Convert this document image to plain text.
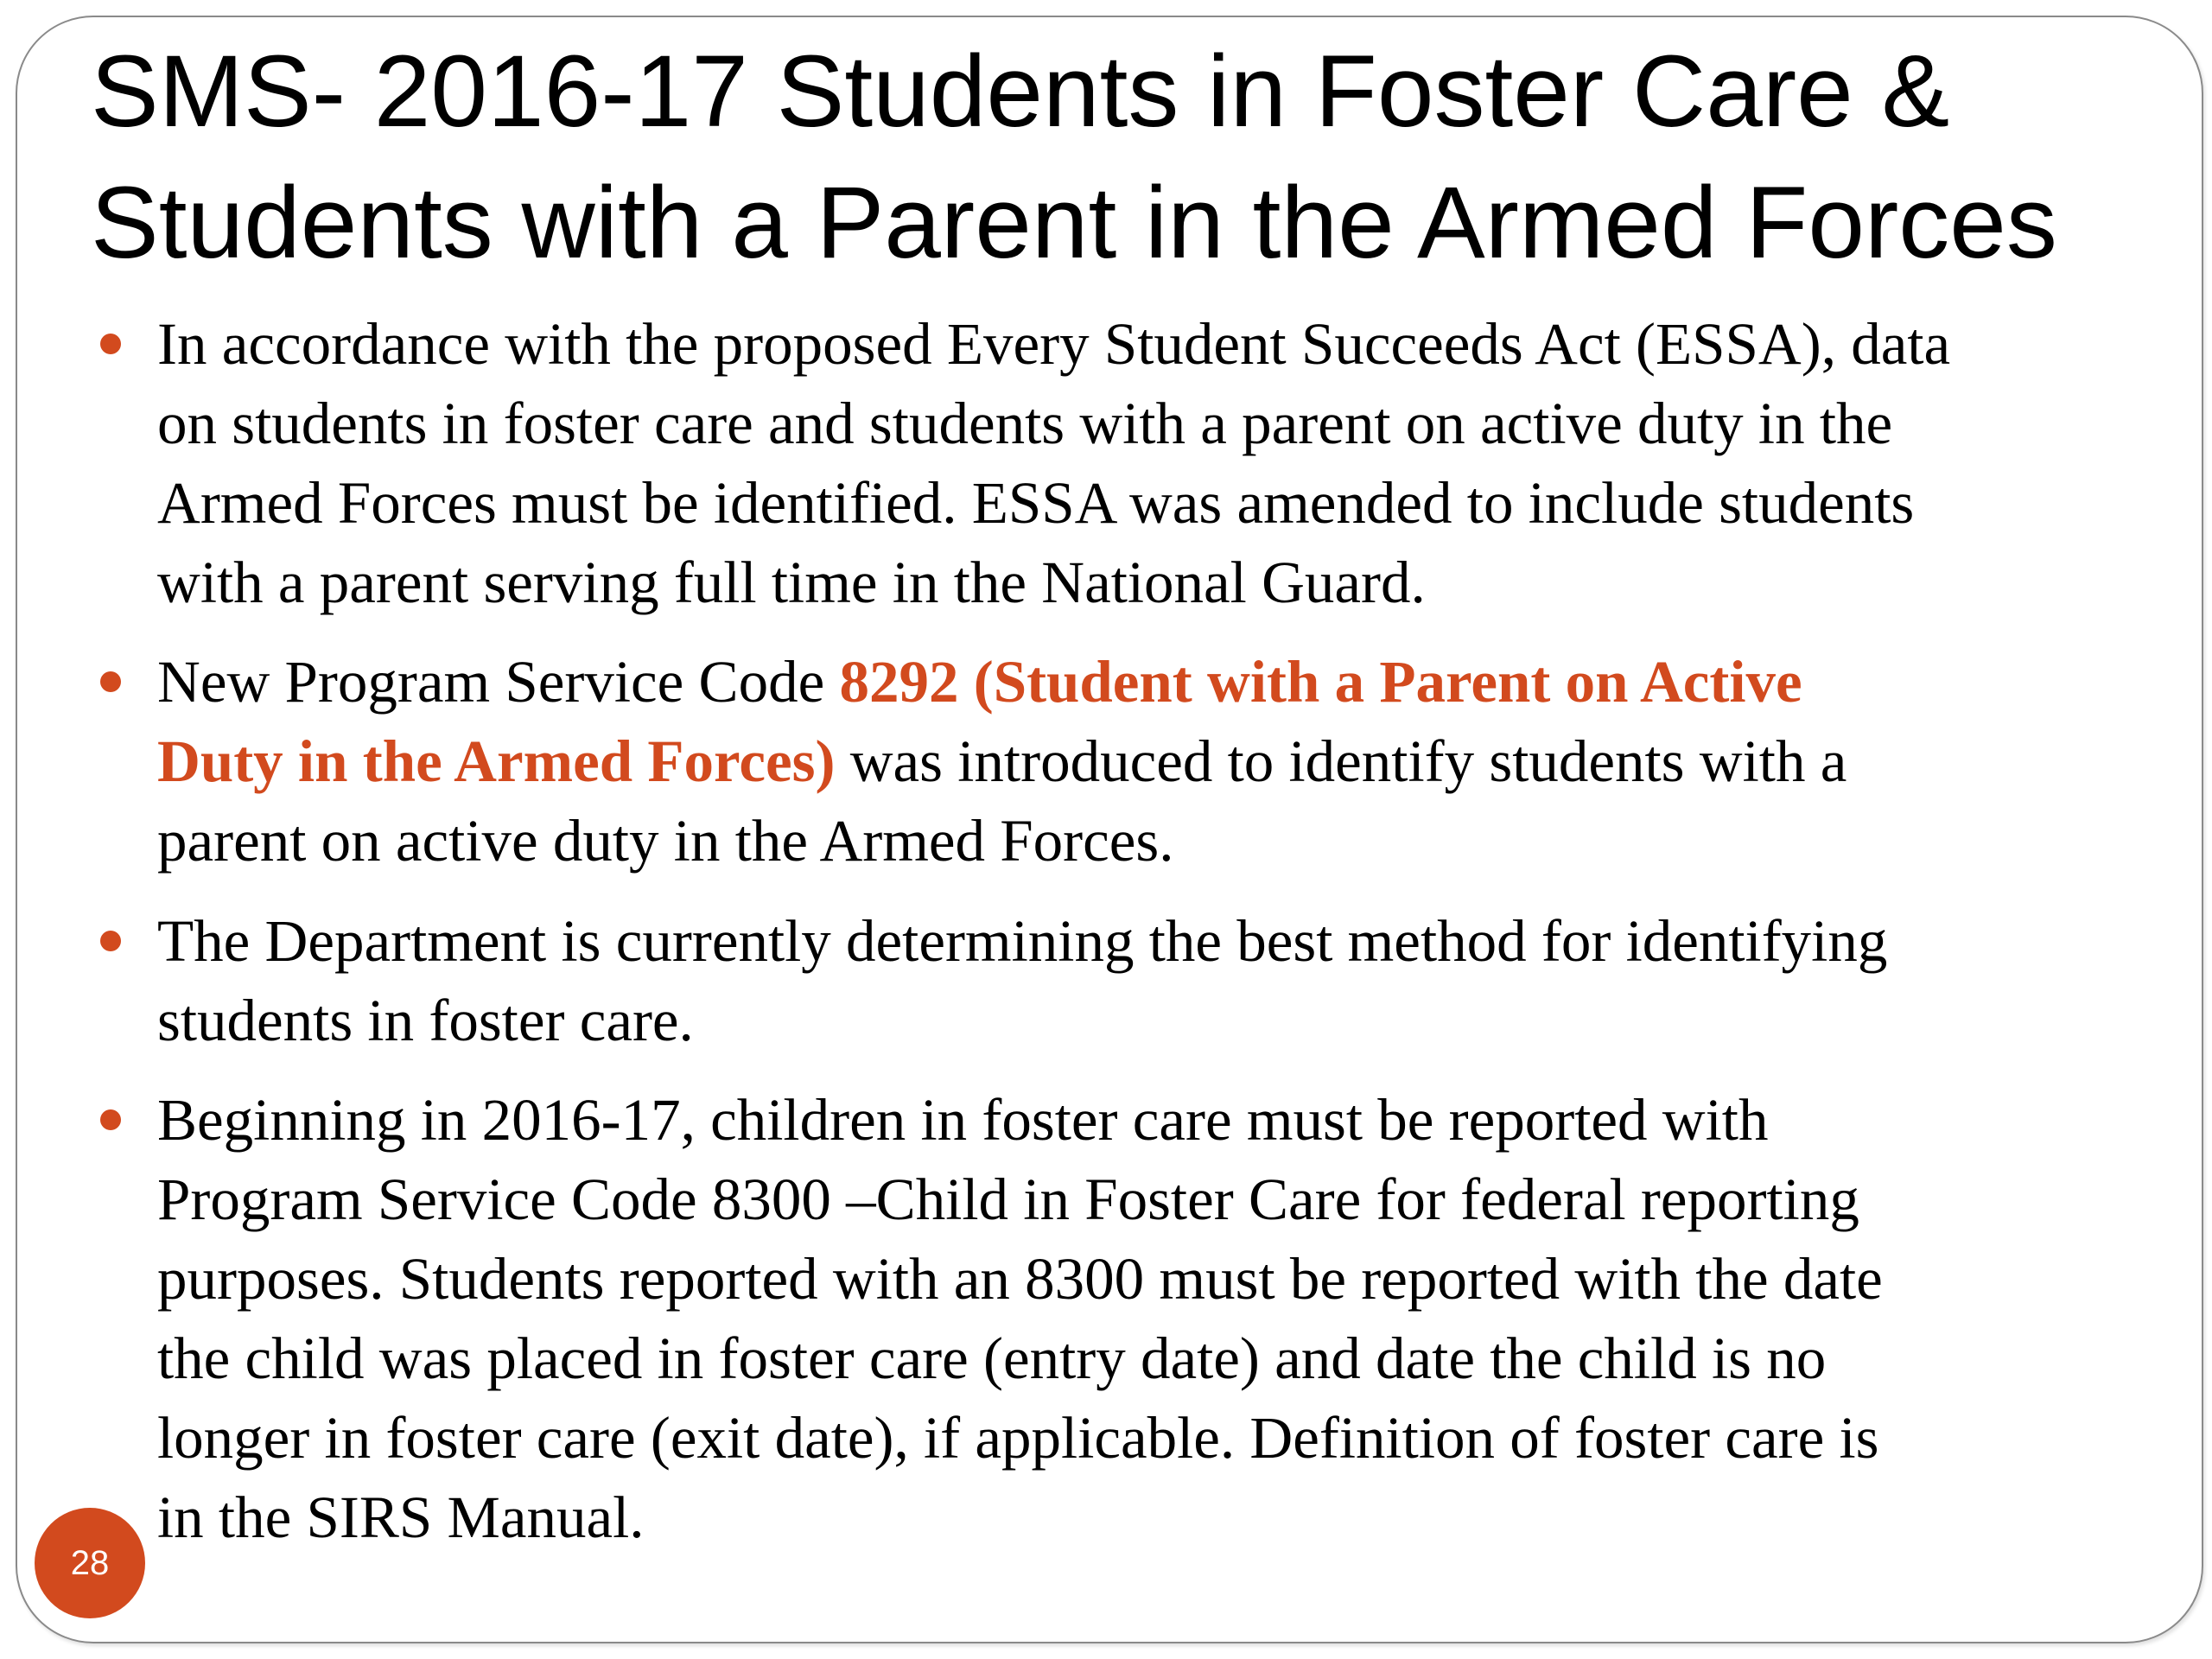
SMS- 2016-17 Students in Foster Care &
Students with a Parent in the Armed Forces
In accordance with the proposed Every Student Succeeds Act (ESSA), data
on students in foster care and students with a parent on active duty in the
Armed Forces must be identified. ESSA was amended to include students
with a parent serving full time in the National Guard.
New Program Service Code 8292 (Student with a Parent on Active
Duty in the Armed Forces) was introduced to identify students with a
parent on active duty in the Armed Forces.
The Department is currently determining the best method for identifying
students in foster care.
Beginning in 2016-17, children in foster care must be reported with
Program Service Code 8300 –Child in Foster Care for federal reporting
purposes. Students reported with an 8300 must be reported with the date
the child was placed in foster care (entry date) and date the child is no
longer in foster care (exit date), if applicable. Definition of foster care is
in the SIRS Manual.
28
